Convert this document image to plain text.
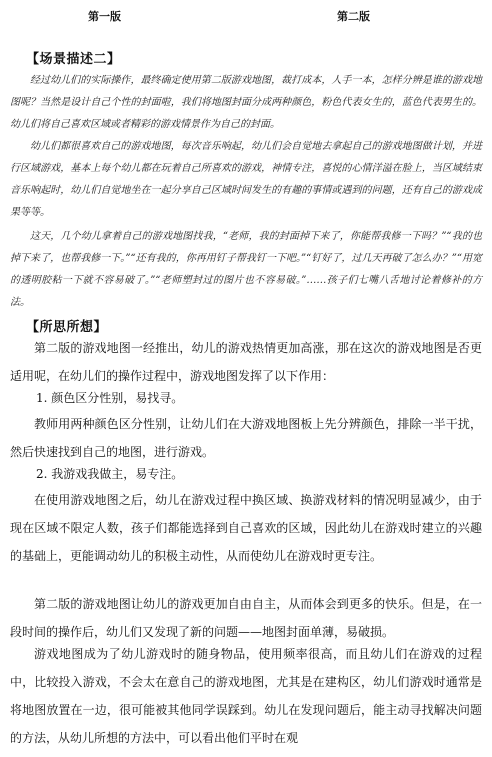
第一版	第二版
【场景描述二】

经过幼儿们的实际操作，最终确定使用第二版游戏地图，裁打成本，人手一本，怎样分辨是谁的游戏地图呢？当然是设计自己个性的封面啦，我们将地图封面分成两种颜色，粉色代表女生的，蓝色代表男生的。幼儿们将自己喜欢区域或者精彩的游戏情景作为自己的封面。

幼儿们都很喜欢自己的游戏地图，每次音乐响起，幼儿们会自觉地去拿起自己的游戏地图做计划，并进行区域游戏，基本上每个幼儿都在玩着自己所喜欢的游戏，神情专注，喜悦的心情洋溢在脸上，当区域结束音乐响起时，幼儿们自觉地坐在一起分享自己区域时间发生的有趣的事情或遇到的问题，还有自己的游戏成果等等。

这天，几个幼儿拿着自己的游戏地图找我，“老师，我的封面掉下来了，你能帮我修一下吗？”“我的也掉下来了，也帮我修一下。”“还有我的，你再用钉子帮我钉一下吧。”“钉好了，过几天再破了怎么办？”“用宽的透明胶粘一下就不容易破了。”“老师塑封过的图片也不容易破。”……孩子们七嘴八舌地讨论着修补的方法。

【所思所想】

第二版的游戏地图一经推出，幼儿的游戏热情更加高涨，那在这次的游戏地图是否更适用呢，在幼儿们的操作过程中，游戏地图发挥了以下作用：

1. 颜色区分性别，易找寻。

教师用两种颜色区分性别，让幼儿们在大游戏地图板上先分辨颜色，排除一半干扰，然后快速找到自己的地图，进行游戏。

2. 我游戏我做主，易专注。

在使用游戏地图之后，幼儿在游戏过程中换区域、换游戏材料的情况明显减少，由于现在区域不限定人数，孩子们都能选择到自己喜欢的区域，因此幼儿在游戏时建立的兴趣的基础上，更能调动幼儿的积极主动性，从而使幼儿在游戏时更专注。

第二版的游戏地图让幼儿的游戏更加自由自主，从而体会到更多的快乐。但是，在一段时间的操作后，幼儿们又发现了新的问题——地图封面单薄，易破损。

游戏地图成为了幼儿游戏时的随身物品，使用频率很高，而且幼儿们在游戏的过程中，比较投入游戏，不会太在意自己的游戏地图，尤其是在建构区，幼儿们游戏时通常是将地图放置在一边，很可能被其他同学误踩到。幼儿在发现问题后，能主动寻找解决问题的方法，从幼儿所想的方法中，可以看出他们平时在观
